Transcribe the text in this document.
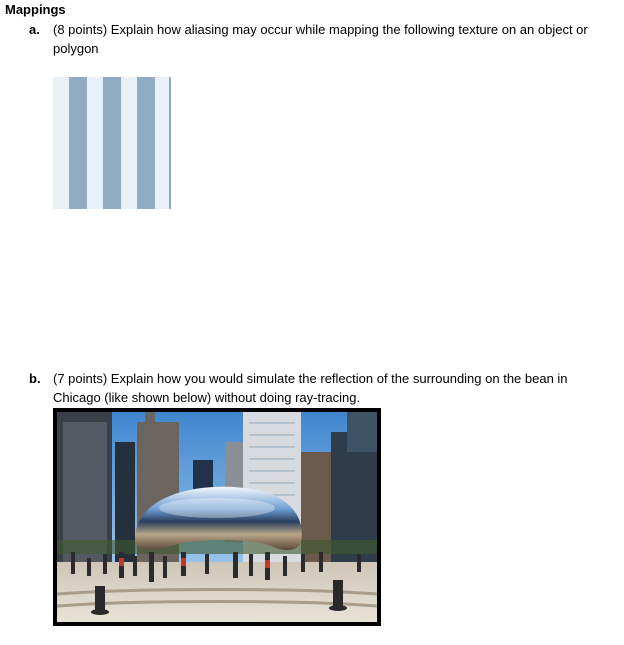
Mappings
a. (8 points) Explain how aliasing may occur while mapping the following texture on an object or polygon
b. (7 points) Explain how you would simulate the reflection of the surrounding on the bean in Chicago (like shown below) without doing ray-tracing.
